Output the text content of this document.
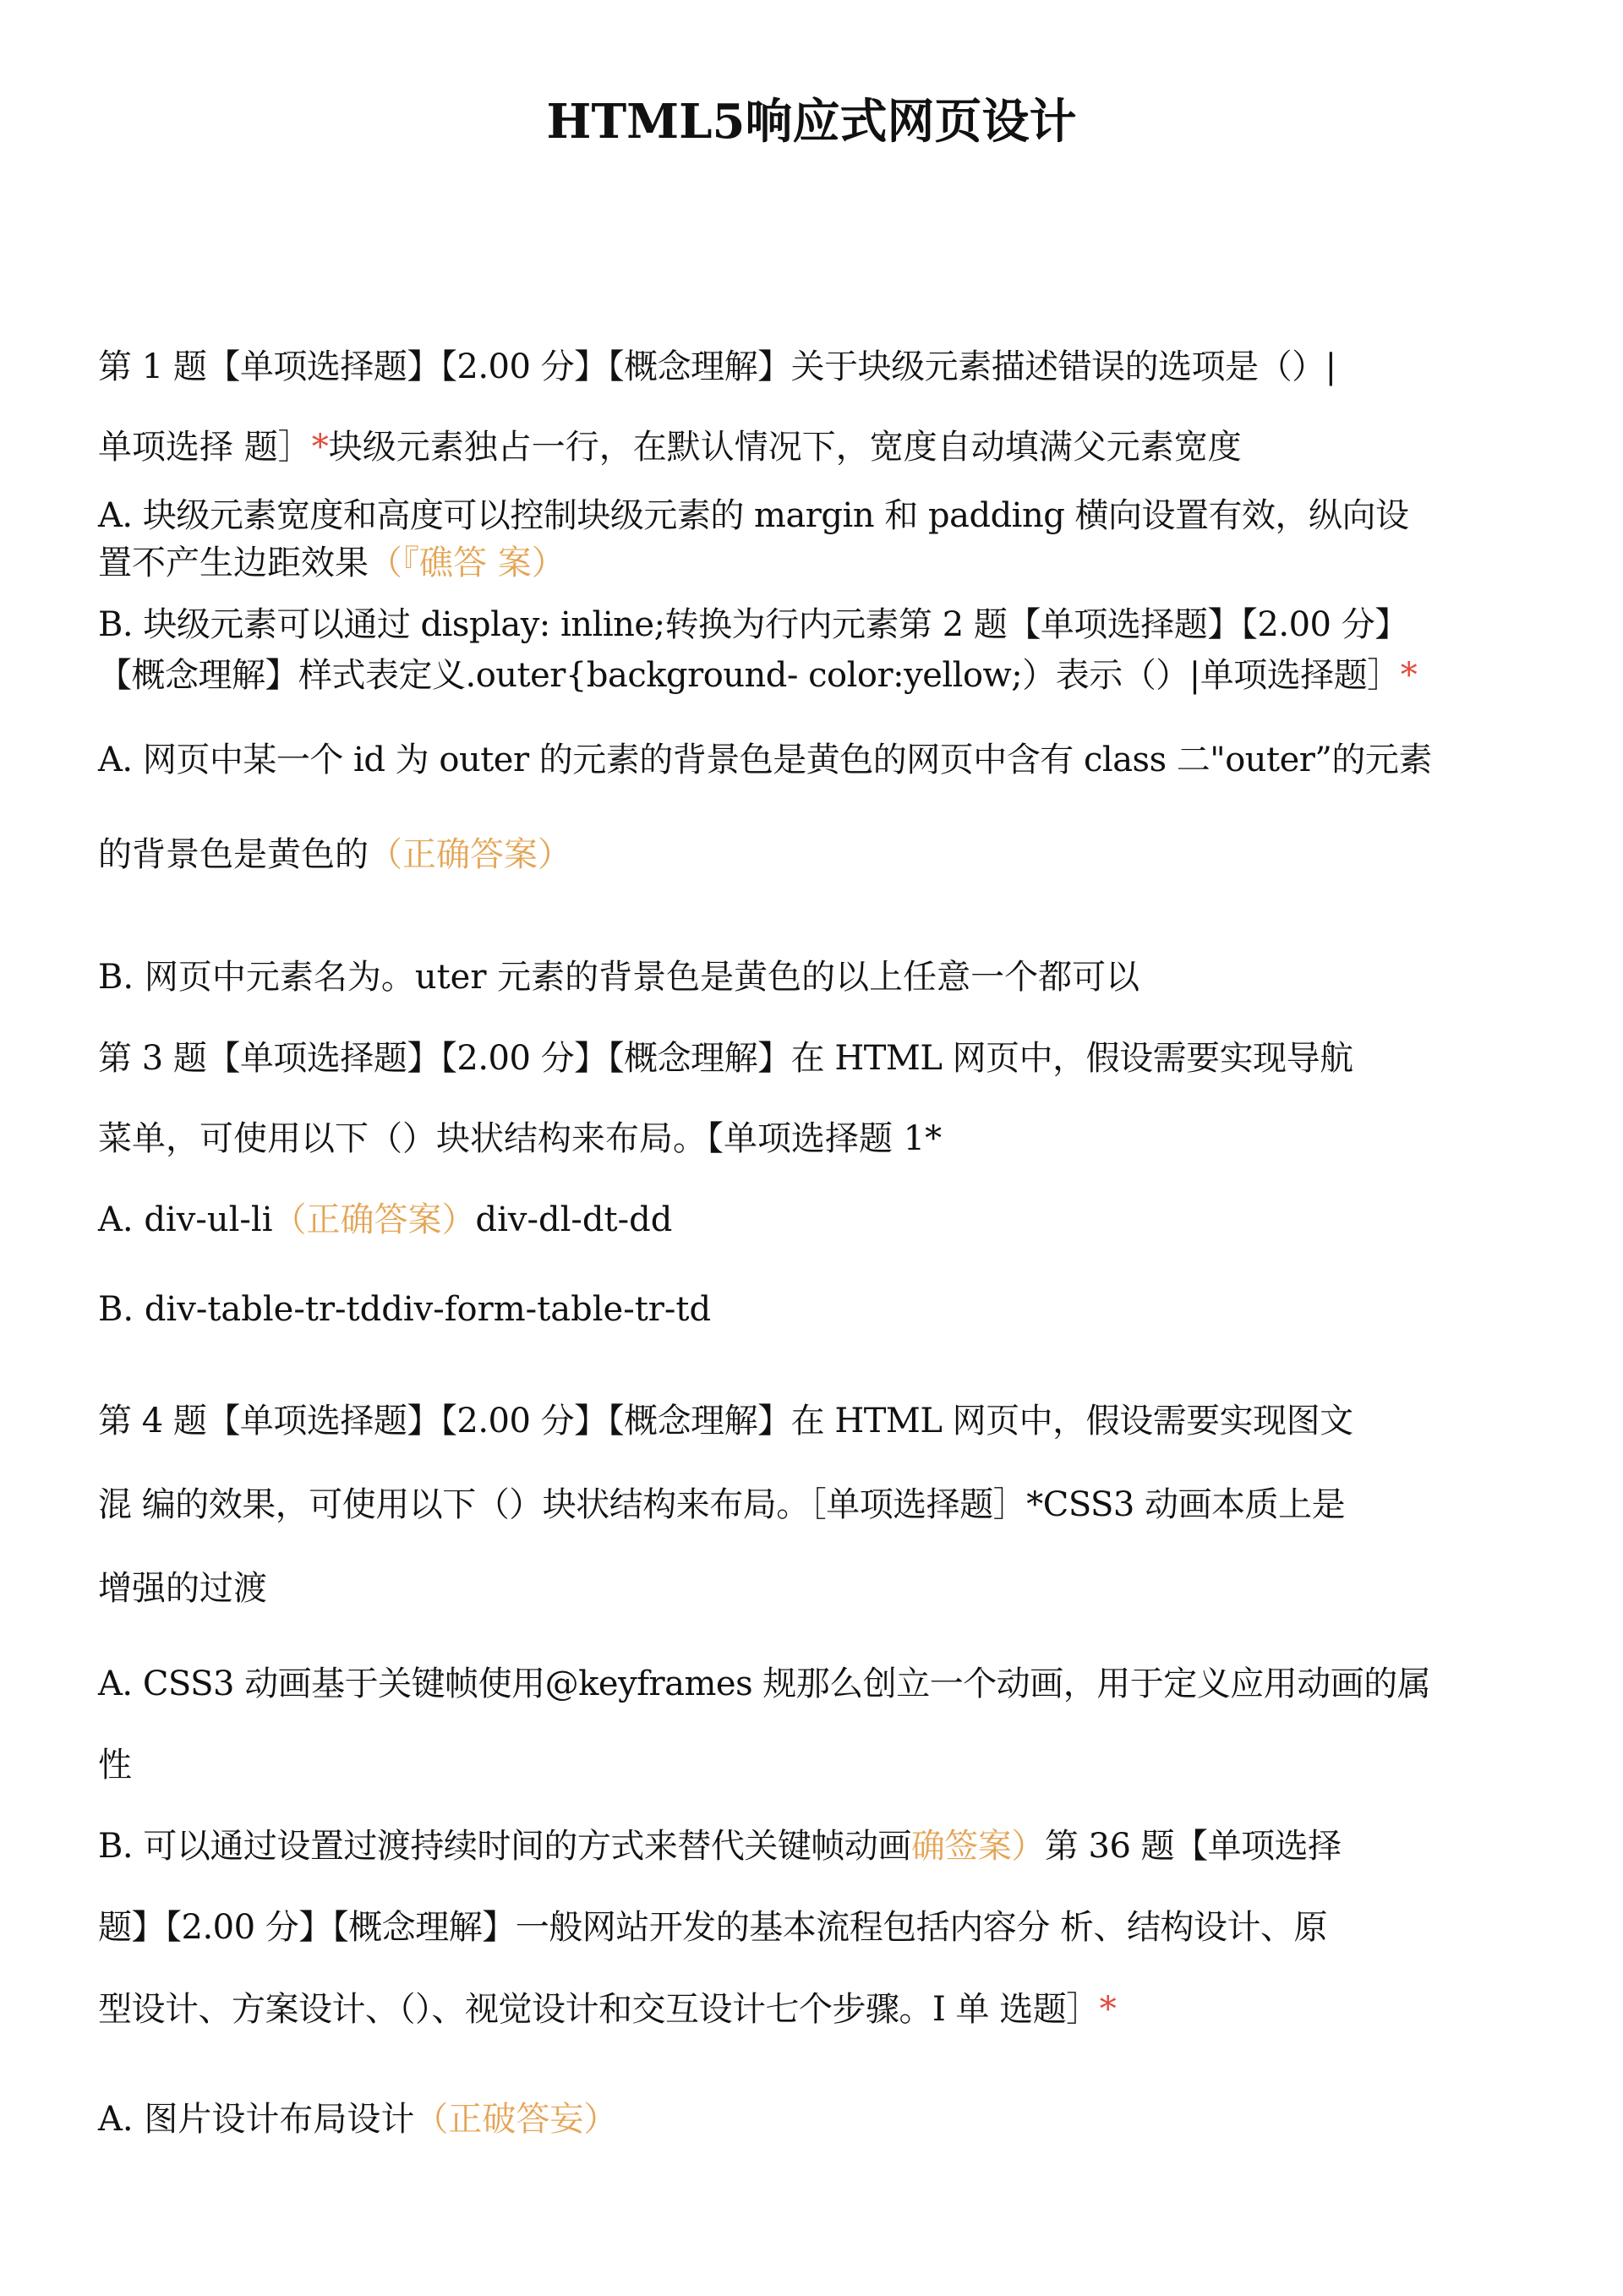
HTML5响应式网页设计

第 1 题【单项选择题】【2.00 分】【概念理解】关于块级元素描述错误的选项是（）|

单项选择 题］*块级元素独占一行，在默认情况下，宽度自动填满父元素宽度

A. 块级元素宽度和高度可以控制块级元素的 margin 和 padding 横向设置有效，纵向设

置不产生边距效果（『礁答 案）

B. 块级元素可以通过 display: inline;转换为行内元素第 2 题【单项选择题】【2.00 分】

【概念理解】样式表定义.outer{background- color:yellow;）表示（）|单项选择题］*

A. 网页中某一个 id 为 outer 的元素的背景色是黄色的网页中含有 class 二"outer”的元素

的背景色是黄色的（正确答案）

B. 网页中元素名为。uter 元素的背景色是黄色的以上任意一个都可以

第 3 题【单项选择题】【2.00 分】【概念理解】在 HTML 网页中，假设需要实现导航

菜单，可使用以下（）块状结构来布局。【单项选择题 1*

A. div-ul-li（正确答案）div-dl-dt-dd

B. div-table-tr-tddiv-form-table-tr-td

第 4 题【单项选择题】【2.00 分】【概念理解】在 HTML 网页中，假设需要实现图文

混 编的效果，可使用以下（）块状结构来布局。［单项选择题］*CSS3 动画本质上是

增强的过渡

A. CSS3 动画基于关键帧使用@keyframes 规那么创立一个动画，用于定义应用动画的属

性

B. 可以通过设置过渡持续时间的方式来替代关键帧动画确签案）第 36 题【单项选择

题】【2.00 分】【概念理解】一般网站开发的基本流程包括内容分 析、结构设计、原

型设计、方案设计、（）、视觉设计和交互设计七个步骤。I 单 选题］*

A. 图片设计布局设计（正破答妄）
